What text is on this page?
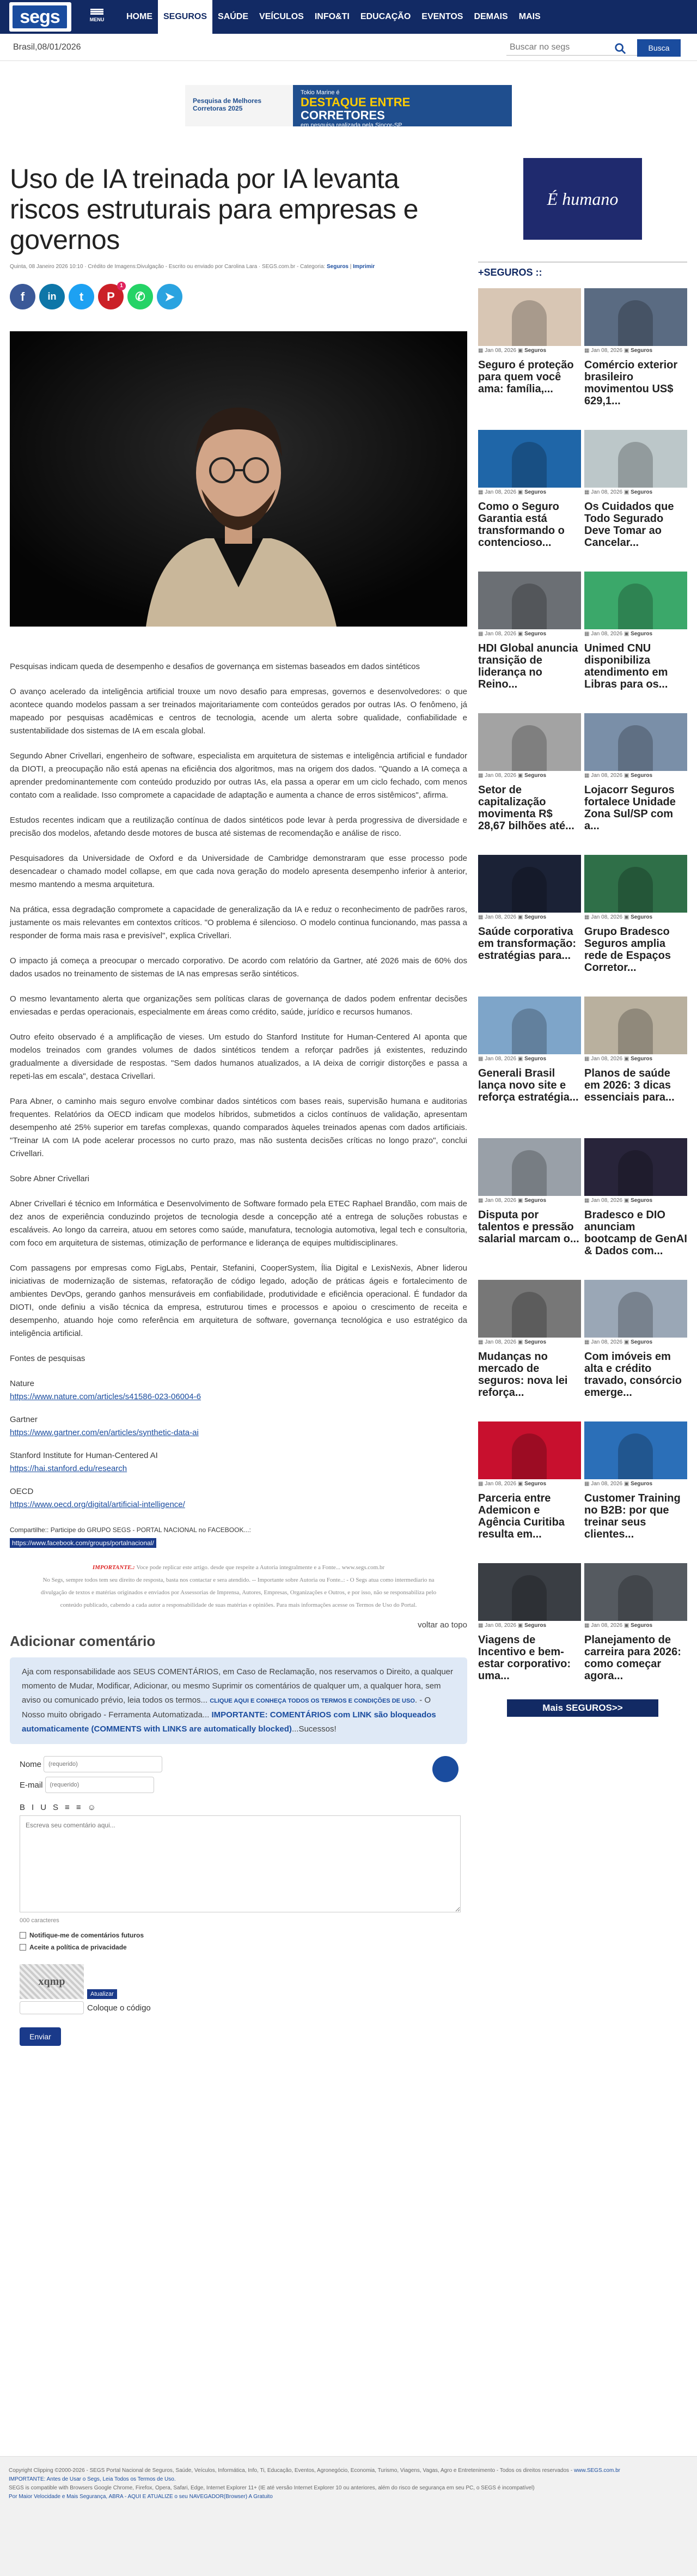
segs	MENU	HOME	SEGUROS	SAÚDE	VEÍCULOS	INFO&TI	EDUCAÇÃO	EVENTOS	DEMAIS	MAIS
Brasil,08/01/2026
Buscar no segs	Busca
Pesquisa de Melhores Corretoras 2025
Tokio Marine é
DESTAQUE ENTRE
CORRETORES
em pesquisa realizada pela Sincor-SP
Uso de IA treinada por IA levanta riscos estruturais para empresas e governos
Quinta, 08 Janeiro 2026 10:10 · Crédito de Imagens:Divulgação - Escrito ou enviado por Carolina Lara · SEGS.com.br - Categoria: Seguros | Imprimir
f	in	t	P
1
✆	➤

Pesquisas indicam queda de desempenho e desafios de governança em sistemas baseados em dados sintéticos

O avanço acelerado da inteligência artificial trouxe um novo desafio para empresas, governos e desenvolvedores: o que acontece quando modelos passam a ser treinados majoritariamente com conteúdos gerados por outras IAs. O fenômeno, já mapeado por pesquisas acadêmicas e centros de tecnologia, acende um alerta sobre qualidade, confiabilidade e sustentabilidade dos sistemas de IA em escala global.

Segundo Abner Crivellari, engenheiro de software, especialista em arquitetura de sistemas e inteligência artificial e fundador da DIOTI, a preocupação não está apenas na eficiência dos algoritmos, mas na origem dos dados. "Quando a IA começa a aprender predominantemente com conteúdo produzido por outras IAs, ela passa a operar em um ciclo fechado, com menos contato com a realidade. Isso compromete a capacidade de adaptação e aumenta a chance de erros sistêmicos", afirma.

Estudos recentes indicam que a reutilização contínua de dados sintéticos pode levar à perda progressiva de diversidade e precisão dos modelos, afetando desde motores de busca até sistemas de recomendação e análise de risco.

Pesquisadores da Universidade de Oxford e da Universidade de Cambridge demonstraram que esse processo pode desencadear o chamado model collapse, em que cada nova geração do modelo apresenta desempenho inferior à anterior, mesmo mantendo a mesma arquitetura.

Na prática, essa degradação compromete a capacidade de generalização da IA e reduz o reconhecimento de padrões raros, justamente os mais relevantes em contextos críticos. "O problema é silencioso. O modelo continua funcionando, mas passa a responder de forma mais rasa e previsível", explica Crivellari.

O impacto já começa a preocupar o mercado corporativo. De acordo com relatório da Gartner, até 2026 mais de 60% dos dados usados no treinamento de sistemas de IA nas empresas serão sintéticos.

O mesmo levantamento alerta que organizações sem políticas claras de governança de dados podem enfrentar decisões enviesadas e perdas operacionais, especialmente em áreas como crédito, saúde, jurídico e recursos humanos.

Outro efeito observado é a amplificação de vieses. Um estudo do Stanford Institute for Human-Centered AI aponta que modelos treinados com grandes volumes de dados sintéticos tendem a reforçar padrões já existentes, reduzindo gradualmente a diversidade de respostas. "Sem dados humanos atualizados, a IA deixa de corrigir distorções e passa a repeti-las em escala", destaca Crivellari.

Para Abner, o caminho mais seguro envolve combinar dados sintéticos com bases reais, supervisão humana e auditorias frequentes. Relatórios da OECD indicam que modelos híbridos, submetidos a ciclos contínuos de validação, apresentam desempenho até 25% superior em tarefas complexas, quando comparados àqueles treinados apenas com dados artificiais. "Treinar IA com IA pode acelerar processos no curto prazo, mas não sustenta decisões críticas no longo prazo", conclui Crivellari.

Sobre Abner Crivellari

Abner Crivellari é técnico em Informática e Desenvolvimento de Software formado pela ETEC Raphael Brandão, com mais de dez anos de experiência conduzindo projetos de tecnologia desde a concepção até a entrega de soluções robustas e escaláveis. Ao longo da carreira, atuou em setores como saúde, manufatura, tecnologia automotiva, legal tech e consultoria, com foco em arquitetura de sistemas, otimização de performance e liderança de equipes multidisciplinares.

Com passagens por empresas como FigLabs, Pentair, Stefanini, CooperSystem, Ília Digital e LexisNexis, Abner liderou iniciativas de modernização de sistemas, refatoração de código legado, adoção de práticas ágeis e fortalecimento de ambientes DevOps, gerando ganhos mensuráveis em confiabilidade, produtividade e eficiência operacional. É fundador da DIOTI, onde definiu a visão técnica da empresa, estruturou times e processos e apoiou o crescimento de receita e desempenho, atuando hoje como referência em arquitetura de software, governança tecnológica e uso estratégico da inteligência artificial.

Fontes de pesquisas

Nature
https://www.nature.com/articles/s41586-023-06004-6

Gartner
https://www.gartner.com/en/articles/synthetic-data-ai

Stanford Institute for Human-Centered AI
https://hai.stanford.edu/research

OECD
https://www.oecd.org/digital/artificial-intelligence/

Compartilhe:: Participe do GRUPO SEGS - PORTAL NACIONAL no FACEBOOK...:
https://www.facebook.com/groups/portalnacional/

IMPORTANTE.: Voce pode replicar este artigo. desde que respeite a Autoria integralmente e a Fonte... www.segs.com.br
No Segs, sempre todos tem seu direito de resposta, basta nos contactar e sera atendido. -- Importante sobre Autoria ou Fonte..: - O Segs atua como intermediario na divulgação de textos e matérias originados e enviados por Assessorias de Imprensa, Autores, Empresas, Organizações e Outros, e por isso, não se responsabiliza pelo conteúdo publicado, cabendo a cada autor a responsabilidade de suas matérias e opiniões. Para mais informações acesse os Termos de Uso do Portal.
voltar ao topo
Adicionar comentário
Aja com responsabilidade aos SEUS COMENTÁRIOS, em Caso de Reclamação, nos reservamos o Direito, a qualquer momento de Mudar, Modificar, Adicionar, ou mesmo Suprimir os comentários de qualquer um, a qualquer hora, sem aviso ou comunicado prévio, leia todos os termos... CLIQUE AQUI E CONHEÇA TODOS OS TERMOS E CONDIÇÕES DE USO. - O Nosso muito obrigado - Ferramenta Automatizada... IMPORTANTE: COMENTÁRIOS com LINK são bloqueados automaticamente (COMMENTS with LINKS are automatically blocked)...Sucessos!
Nome
(requerido)
E-mail
(requerido)
B I U S ≡ ≡ ☺
Escreva seu comentário aqui...
000 caracteres
Notifique-me de comentários futuros
Aceite a política de privacidade
xqmp
Atualizar
Coloque o código
Enviar
É humano
+SEGUROS ::
▦ Jan 08, 2026 ▣ Seguros
Seguro é proteção para quem você ama: família,...
▦ Jan 08, 2026 ▣ Seguros
Comércio exterior brasileiro movimentou US$ 629,1...
▦ Jan 08, 2026 ▣ Seguros
Como o Seguro Garantia está transformando o contencioso...
▦ Jan 08, 2026 ▣ Seguros
Os Cuidados que Todo Segurado Deve Tomar ao Cancelar...
▦ Jan 08, 2026 ▣ Seguros
HDI Global anuncia transição de liderança no Reino...
▦ Jan 08, 2026 ▣ Seguros
Unimed CNU disponibiliza atendimento em Libras para os...
▦ Jan 08, 2026 ▣ Seguros
Setor de capitalização movimenta R$ 28,67 bilhões até...
▦ Jan 08, 2026 ▣ Seguros
Lojacorr Seguros fortalece Unidade Zona Sul/SP com a...
▦ Jan 08, 2026 ▣ Seguros
Saúde corporativa em transformação: estratégias para...
▦ Jan 08, 2026 ▣ Seguros
Grupo Bradesco Seguros amplia rede de Espaços Corretor...
▦ Jan 08, 2026 ▣ Seguros
Generali Brasil lança novo site e reforça estratégia...
▦ Jan 08, 2026 ▣ Seguros
Planos de saúde em 2026: 3 dicas essenciais para...
▦ Jan 08, 2026 ▣ Seguros
Disputa por talentos e pressão salarial marcam o...
▦ Jan 08, 2026 ▣ Seguros
Bradesco e DIO anunciam bootcamp de GenAI & Dados com...
▦ Jan 08, 2026 ▣ Seguros
Mudanças no mercado de seguros: nova lei reforça...
▦ Jan 08, 2026 ▣ Seguros
Com imóveis em alta e crédito travado, consórcio emerge...
▦ Jan 08, 2026 ▣ Seguros
Parceria entre Ademicon e Agência Curitiba resulta em...
▦ Jan 08, 2026 ▣ Seguros
Customer Training no B2B: por que treinar seus clientes...
▦ Jan 08, 2026 ▣ Seguros
Viagens de Incentivo e bem-estar corporativo: uma...
▦ Jan 08, 2026 ▣ Seguros
Planejamento de carreira para 2026: como começar agora...
Mais SEGUROS>>
Copyright Clipping ©2000-2026 - SEGS Portal Nacional de Seguros, Saúde, Veículos, Informática, Info, Ti, Educação, Eventos, Agronegócio, Economia, Turismo, Viagens, Vagas, Agro e Entretenimento - Todos os direitos reservados - www.SEGS.com.br
IMPORTANTE: Antes de Usar o Segs, Leia Todos os Termos de Uso.
SEGS is compatible with Browsers Google Chrome, Firefox, Opera, Safari, Edge, Internet Explorer 11+ (IE até versão Internet Explorer 10 ou anteriores, além do risco de segurança em seu PC, o SEGS é incompatível)
Por Maior Velocidade e Mais Segurança, ABRA - AQUI E ATUALIZE o seu NAVEGADOR(Browser) A Gratuito
